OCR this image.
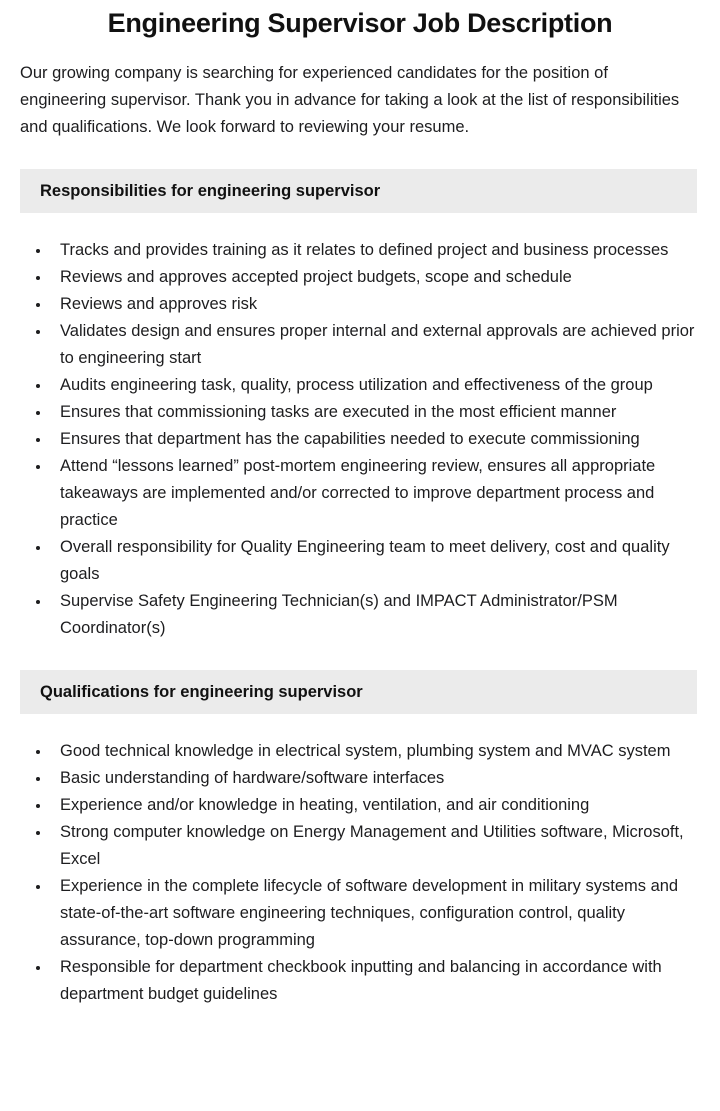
Engineering Supervisor Job Description

Our growing company is searching for experienced candidates for the position of engineering supervisor. Thank you in advance for taking a look at the list of responsibilities and qualifications. We look forward to reviewing your resume.

Responsibilities for engineering supervisor
• Tracks and provides training as it relates to defined project and business processes
• Reviews and approves accepted project budgets, scope and schedule
• Reviews and approves risk
• Validates design and ensures proper internal and external approvals are achieved prior to engineering start
• Audits engineering task, quality, process utilization and effectiveness of the group
• Ensures that commissioning tasks are executed in the most efficient manner
• Ensures that department has the capabilities needed to execute commissioning
• Attend “lessons learned” post-mortem engineering review, ensures all appropriate takeaways are implemented and/or corrected to improve department process and practice
• Overall responsibility for Quality Engineering team to meet delivery, cost and quality goals
• Supervise Safety Engineering Technician(s) and IMPACT Administrator/PSM Coordinator(s)
Qualifications for engineering supervisor
• Good technical knowledge in electrical system, plumbing system and MVAC system
• Basic understanding of hardware/software interfaces
• Experience and/or knowledge in heating, ventilation, and air conditioning
• Strong computer knowledge on Energy Management and Utilities software, Microsoft, Excel
• Experience in the complete lifecycle of software development in military systems and state-of-the-art software engineering techniques, configuration control, quality assurance, top-down programming
• Responsible for department checkbook inputting and balancing in accordance with department budget guidelines
